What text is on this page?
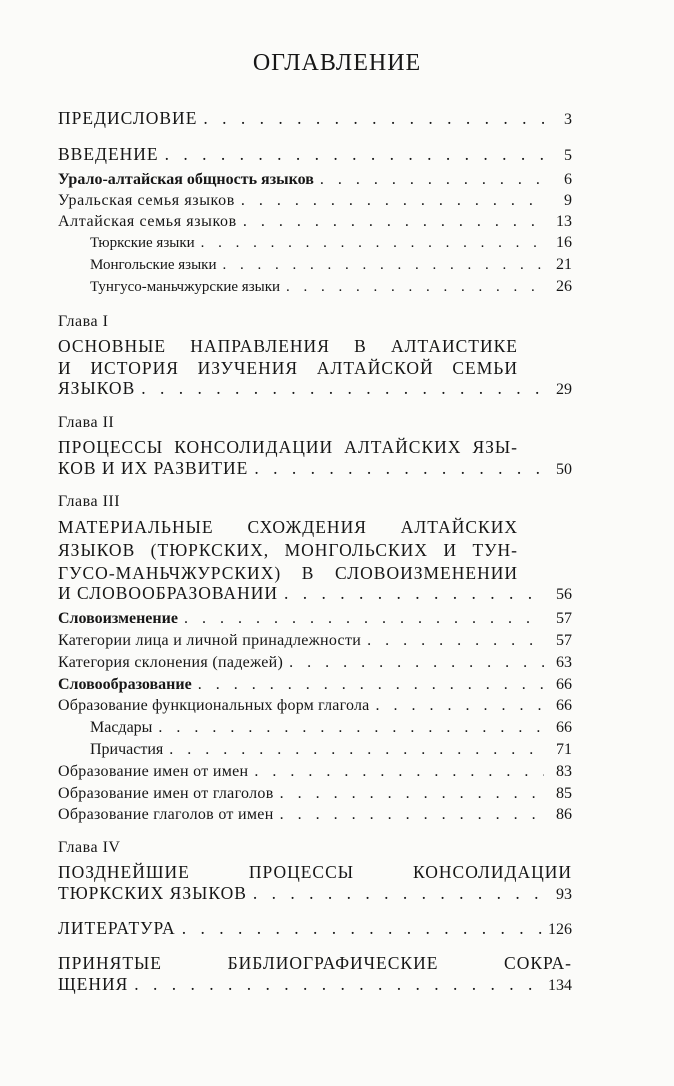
ОГЛАВЛЕНИЕ
ПРЕДИСЛОВИЕ . . .	3
ВВЕДЕНИЕ . . .	5
Урало-алтайская общность языков . . .	6
Уральская семья языков . . .	9
Алтайская семья языков . . .	13
Тюркские языки . . .	16
Монгольские языки . . .	21
Тунгусо-маньчжурские языки . . .	26
Глава I
ОСНОВНЫЕ НАПРАВЛЕНИЯ В АЛТАИСТИКЕ
И ИСТОРИЯ ИЗУЧЕНИЯ АЛТАЙСКОЙ СЕМЬИ
ЯЗЫКОВ . . .	29
Глава II
ПРОЦЕССЫ КОНСОЛИДАЦИИ АЛТАЙСКИХ ЯЗЫ-
КОВ И ИХ РАЗВИТИЕ . . .	50
Глава III
МАТЕРИАЛЬНЫЕ СХОЖДЕНИЯ АЛТАЙСКИХ
ЯЗЫКОВ (ТЮРКСКИХ, МОНГОЛЬСКИХ И ТУН-
ГУСО-МАНЬЧЖУРСКИХ) В СЛОВОИЗМЕНЕНИИ
И СЛОВООБРАЗОВАНИИ . . .	56
Словоизменение . . .	57
Категории лица и личной принадлежности . . .	57
Категория склонения (падежей) . . .	63
Словообразование . . .	66
Образование функциональных форм глагола . . .	66
Масдары . . .	66
Причастия . . .	71
Образование имен от имен . . .	83
Образование имен от глаголов . . .	85
Образование глаголов от имен . . .	86
Глава IV
ПОЗДНЕЙШИЕ ПРОЦЕССЫ КОНСОЛИДАЦИИ
ТЮРКСКИХ ЯЗЫКОВ . . .	93
ЛИТЕРАТУРА . . .	126
ПРИНЯТЫЕ БИБЛИОГРАФИЧЕСКИЕ СОКРА-
ЩЕНИЯ . . .	134
